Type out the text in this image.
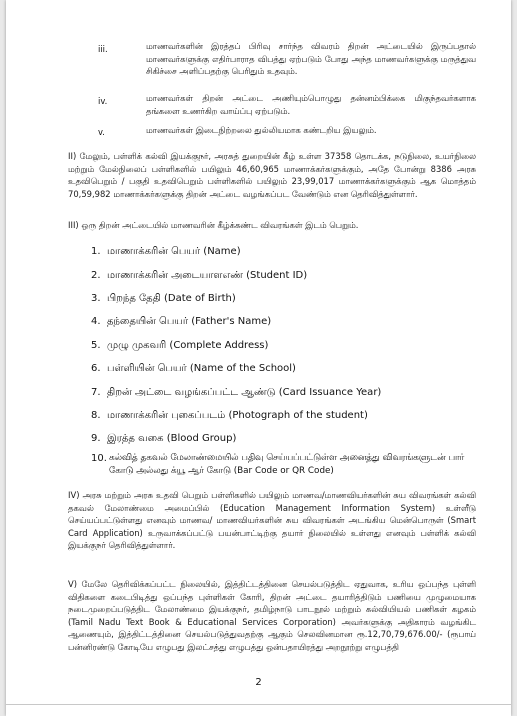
iii.	மாணவர்களின் இரத்தப் பிரிவு சார்ந்த விவரம் திறன் அட்டையில் இருப்பதால் மாணவர்களுக்கு எதிர்பாராத விபத்து ஏற்படும் போது அந்த மாணவர்களுக்கு மருத்துவ சிகிச்சை அளிப்பதற்கு பெரிதும் உதவும்.
iv.	மாணவர்கள் திறன் அட்டை அணியும்பொழுது தன்னம்பிக்கை மிகுந்தவர்களாக தங்களை உணர்கிற வாய்ப்பு ஏற்படும்.
v.	மாணவர்கள் இடைநிற்றலை துல்லியமாக கண்டறிய இயலும்.
II) மேலும், பள்ளிக் கல்வி இயக்குநர், அரசுத் துறையின் கீழ் உள்ள 37358 தொடக்க, நடுநிலை, உயர்நிலை மற்றும் மேல்நிலைப் பள்ளிகளில் பயிலும் 46,60,965 மாணாக்கர்களுக்கும், அதே போன்று 8386 அரசு உதவிபெறும் / பகுதி உதவிபெறும் பள்ளிகளில் பயிலும் 23,99,017 மாணாக்கர்களுக்கும் ஆக மொத்தம் 70,59,982 மாணாக்கர்களுக்கு திறன் அட்டை வழங்கப்பட வேண்டும் என தெரிவித்துள்ளார்.
III) ஒரு திறன் அட்டையில் மாணவரின் கீழ்க்கண்ட விவரங்கள் இடம் பெறும்.
1. மாணாக்கரின் பெயர் (Name)
2. மாணாக்கரின் அடையாளஎண் (Student ID)
3. பிறந்த தேதி (Date of Birth)
4. தந்தையின் பெயர் (Father's Name)
5. முழு முகவரி (Complete Address)
6. பள்ளியின் பெயர் (Name of the School)
7. திறன் அட்டை வழங்கப்பட்ட ஆண்டு (Card Issuance Year)
8. மாணாக்கரின் புகைப்படம் (Photograph of the student)
9. இரத்த வகை (Blood Group)
10. கல்வித் தகவல் மேலாண்மையில் பதிவு செய்யப்பட்டுள்ள அனைத்து விவரங்களுடன் பார் கோடு அல்லது க்யூ ஆர் கோடு (Bar Code or QR Code)
IV) அரசு மற்றும் அரசு உதவி பெறும் பள்ளிகளில் பயிலும் மாணவ/மாணவியர்களின் சுய விவரங்கள் கல்வி தகவல் மேலாண்மை அமைப்பில் (Education Management Information System) உள்ளீடு செய்யப்பட்டுள்ளது எனவும் மாணவ/ மாணவியர்களின் சுய விவரங்கள் அடங்கிய மென்பொருள் (Smart Card Application) உருவாக்கப்பட்டு பயன்பாட்டிற்கு தயார் நிலையில் உள்ளது எனவும் பள்ளிக் கல்வி இயக்குநர் தெரிவித்துள்ளார்.
V) மேலே தெரிவிக்கப்பட்ட நிலையில், இத்திட்டத்தினை செயல்படுத்திட ஏதுவாக, உரிய ஒப்பந்த புள்ளி விதிகளை கடைபிடித்து ஒப்பந்த புள்ளிகள் கோரி, திறன் அட்டை தயாரித்திடும் பணியை முழுமையாக நடைமுறைப்படுத்திட மேலாண்மை இயக்குநர், தமிழ்நாடு பாடநூல் மற்றும் கல்வியியல் பணிகள் கழகம் (Tamil Nadu Text Book & Educational Services Corporation) அவர்களுக்கு அதிகாரம் வழங்கிட ஆணையும், இத்திட்டத்தினை செயல்படுத்துவதற்கு ஆகும் செலவினமான ரூ.12,70,79,676.00/- (ரூபாய் பன்னிரண்டு கோடியே எழுபது இலட்சத்து எழுபத்து ஒன்பதாயிரத்து அறநூற்று எழுபத்தி
2
